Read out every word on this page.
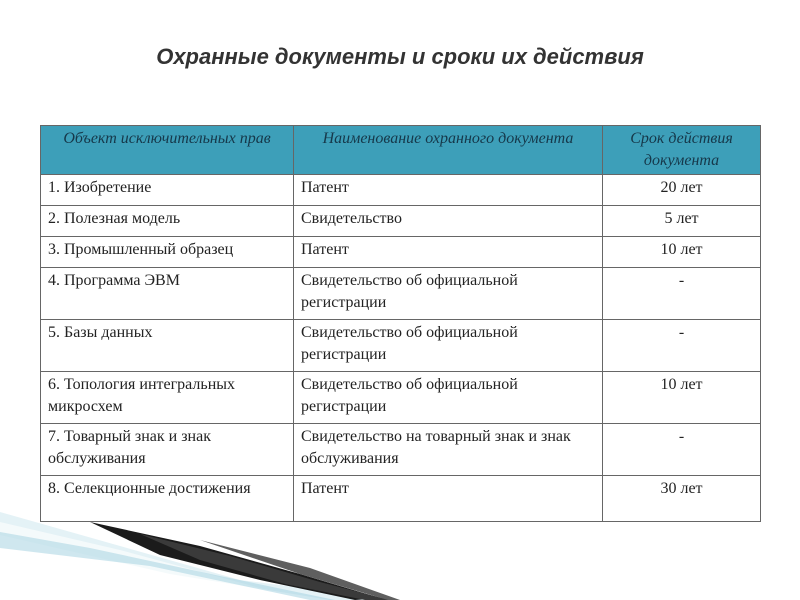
Охранные документы и сроки их действия
Объект исключительных прав	Наименование охранного документа	Срок действия документа
1. Изобретение	Патент	20 лет
2. Полезная модель	Свидетельство	5 лет
3. Промышленный образец	Патент	10 лет
4. Программа ЭВМ	Свидетельство об официальной регистрации	-
5. Базы данных	Свидетельство об официальной регистрации	-
6. Топология интегральных микросхем	Свидетельство об официальной регистрации	10 лет
7. Товарный знак и знак обслуживания	Свидетельство на товарный знак и знак обслуживания	-
8. Селекционные достижения	Патент	30 лет
